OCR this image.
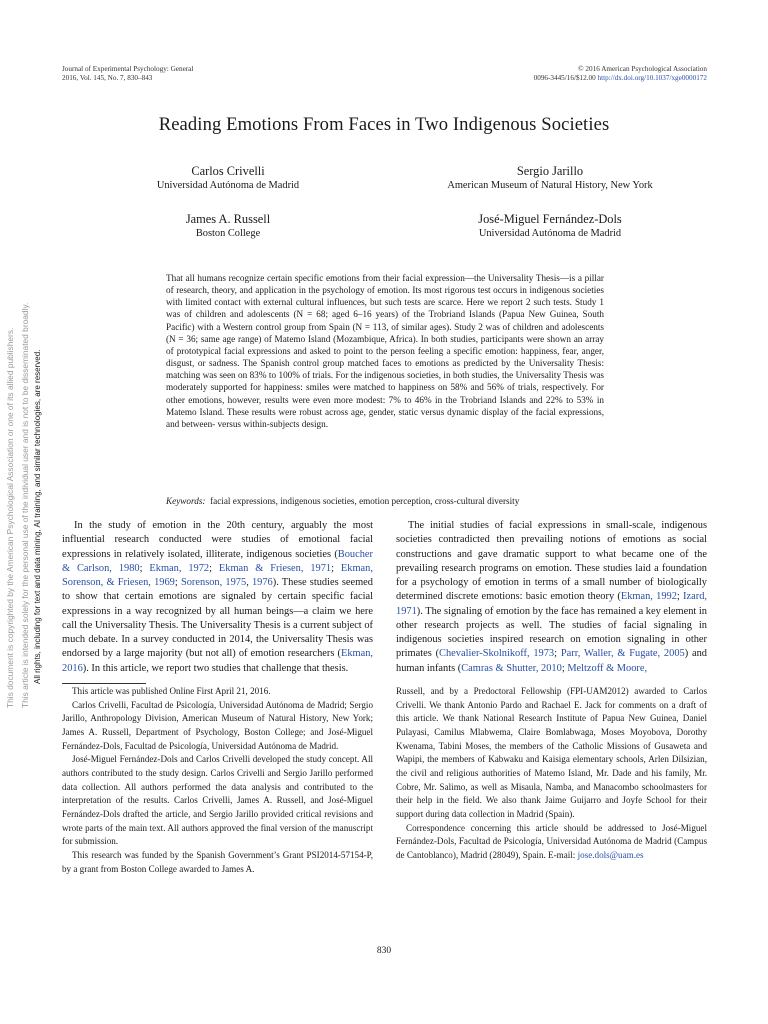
Journal of Experimental Psychology: General
2016, Vol. 145, No. 7, 830–843
© 2016 American Psychological Association
0096-3445/16/$12.00 http://dx.doi.org/10.1037/xge0000172
Reading Emotions From Faces in Two Indigenous Societies
Carlos Crivelli
Universidad Autónoma de Madrid
Sergio Jarillo
American Museum of Natural History, New York
James A. Russell
Boston College
José-Miguel Fernández-Dols
Universidad Autónoma de Madrid
That all humans recognize certain specific emotions from their facial expression—the Universality Thesis—is a pillar of research, theory, and application in the psychology of emotion. Its most rigorous test occurs in indigenous societies with limited contact with external cultural influences, but such tests are scarce. Here we report 2 such tests. Study 1 was of children and adolescents (N = 68; aged 6–16 years) of the Trobriand Islands (Papua New Guinea, South Pacific) with a Western control group from Spain (N = 113, of similar ages). Study 2 was of children and adolescents (N = 36; same age range) of Matemo Island (Mozambique, Africa). In both studies, participants were shown an array of prototypical facial expressions and asked to point to the person feeling a specific emotion: happiness, fear, anger, disgust, or sadness. The Spanish control group matched faces to emotions as predicted by the Universality Thesis: matching was seen on 83% to 100% of trials. For the indigenous societies, in both studies, the Universality Thesis was moderately supported for happiness: smiles were matched to happiness on 58% and 56% of trials, respectively. For other emotions, however, results were even more modest: 7% to 46% in the Trobriand Islands and 22% to 53% in Matemo Island. These results were robust across age, gender, static versus dynamic display of the facial expressions, and between- versus within-subjects design.
Keywords: facial expressions, indigenous societies, emotion perception, cross-cultural diversity

In the study of emotion in the 20th century, arguably the most influential research conducted were studies of emotional facial expressions in relatively isolated, illiterate, indigenous societies (Boucher & Carlson, 1980; Ekman, 1972; Ekman & Friesen, 1971; Ekman, Sorenson, & Friesen, 1969; Sorenson, 1975, 1976). These studies seemed to show that certain emotions are signaled by certain specific facial expressions in a way recognized by all human beings—a claim we here call the Universality Thesis. The Universality Thesis is a current subject of much debate. In a survey conducted in 2014, the Universality Thesis was endorsed by a large majority (but not all) of emotion researchers (Ekman, 2016). In this article, we report two studies that challenge that thesis.

The initial studies of facial expressions in small-scale, indigenous societies contradicted then prevailing notions of emotions as social constructions and gave dramatic support to what became one of the prevailing research programs on emotion. These studies laid a foundation for a psychology of emotion in terms of a small number of biologically determined discrete emotions: basic emotion theory (Ekman, 1992; Izard, 1971). The signaling of emotion by the face has remained a key element in other research projects as well. The studies of facial signaling in indigenous societies inspired research on emotion signaling in other primates (Chevalier-Skolnikoff, 1973; Parr, Waller, & Fugate, 2005) and human infants (Camras & Shutter, 2010; Meltzoff & Moore,

This article was published Online First April 21, 2016.

Carlos Crivelli, Facultad de Psicología, Universidad Autónoma de Madrid; Sergio Jarillo, Anthropology Division, American Museum of Natural History, New York; James A. Russell, Department of Psychology, Boston College; and José-Miguel Fernández-Dols, Facultad de Psicología, Universidad Autónoma de Madrid.

José-Miguel Fernández-Dols and Carlos Crivelli developed the study concept. All authors contributed to the study design. Carlos Crivelli and Sergio Jarillo performed data collection. All authors performed the data analysis and contributed to the interpretation of the results. Carlos Crivelli, James A. Russell, and José-Miguel Fernández-Dols drafted the article, and Sergio Jarillo provided critical revisions and wrote parts of the main text. All authors approved the final version of the manuscript for submission.

This research was funded by the Spanish Government’s Grant PSI2014-57154-P, by a grant from Boston College awarded to James A.

Russell, and by a Predoctoral Fellowship (FPI-UAM2012) awarded to Carlos Crivelli. We thank Antonio Pardo and Rachael E. Jack for comments on a draft of this article. We thank National Research Institute of Papua New Guinea, Daniel Pulayasi, Camilus Mlabwema, Claire Bomlabwaga, Moses Moyobova, Dorothy Kwenama, Tabini Moses, the members of the Catholic Missions of Gusaweta and Wapipi, the members of Kabwaku and Kaisiga elementary schools, Arlen Dilsizian, the civil and religious authorities of Matemo Island, Mr. Dade and his family, Mr. Cobre, Mr. Salimo, as well as Misaula, Namba, and Manacombo schoolmasters for their help in the field. We also thank Jaime Guijarro and Joyfe School for their support during data collection in Madrid (Spain).

Correspondence concerning this article should be addressed to José-Miguel Fernández-Dols, Facultad de Psicología, Universidad Autónoma de Madrid (Campus de Cantoblanco), Madrid (28049), Spain. E-mail: jose.dols@uam.es

830
This document is copyrighted by the American Psychological Association or one of its allied publishers. This article is intended solely for the personal use of the individual user and is not to be disseminated broadly. All rights, including for text and data mining, AI training, and similar technologies, are reserved.
